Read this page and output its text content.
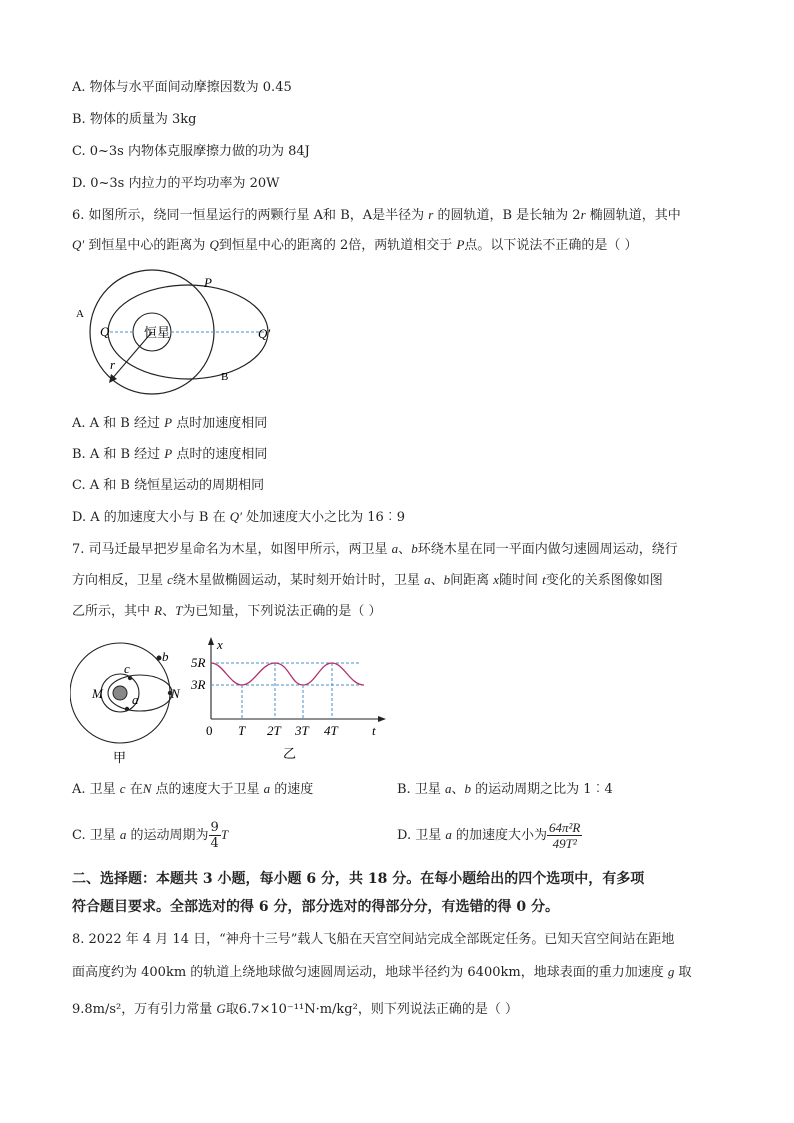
A. 物体与水平面间动摩擦因数为 0.45
B. 物体的质量为 3kg
C. 0~3s 内物体克服摩擦力做的功为 84J
D. 0~3s 内拉力的平均功率为 20W
6. 如图所示，绕同一恒星运行的两颗行星 A和 B，A是半径为 r 的圆轨道，B 是长轴为 2r 椭圆轨道，其中
Q′ 到恒星中心的距离为 Q到恒星中心的距离的 2倍，两轨道相交于 P点。以下说法不正确的是（ ）
恒星
A
B
P
Q	Q′
r
A. A 和 B 经过 P 点时加速度相同
B. A 和 B 经过 P 点时的速度相同
C. A 和 B 绕恒星运动的周期相同
D. A 的加速度大小与 B 在 Q′ 处加速度大小之比为 16︰9
7. 司马迁最早把岁星命名为木星，如图甲所示，两卫星 a、b环绕木星在同一平面内做匀速圆周运动，绕行
方向相反，卫星 c绕木星做椭圆运动，某时刻开始计时，卫星 a、b间距离 x随时间 t变化的关系图像如图
乙所示，其中 R、T为已知量，下列说法正确的是（ ）
c
b
M a	N
甲
x
5R
3R
0 T 2T 3T 4T	t
乙
A. 卫星 c 在N 点的速度大于卫星 a 的速度	B. 卫星 a、b 的运动周期之比为 1︰4
C. 卫星 a 的运动周期为 $\frac{9}{4}$ T	D. 卫星 a 的加速度大小为 $\frac{\text{64π²R}}{\text{49T²}}$
二、选择题：本题共 3 小题，每小题 6 分，共 18 分。在每小题给出的四个选项中，有多项
符合题目要求。全部选对的得 6 分，部分选对的得部分分，有选错的得 0 分。
8. 2022 年 4 月 14 日，“神舟十三号”载人飞船在天宫空间站完成全部既定任务。已知天宫空间站在距地
面高度约为 400km 的轨道上绕地球做匀速圆周运动，地球半径约为 6400km，地球表面的重力加速度 g 取
9.8m/s²，万有引力常量 G取6.7×10⁻¹¹N·m/kg²，则下列说法正确的是（ ）
